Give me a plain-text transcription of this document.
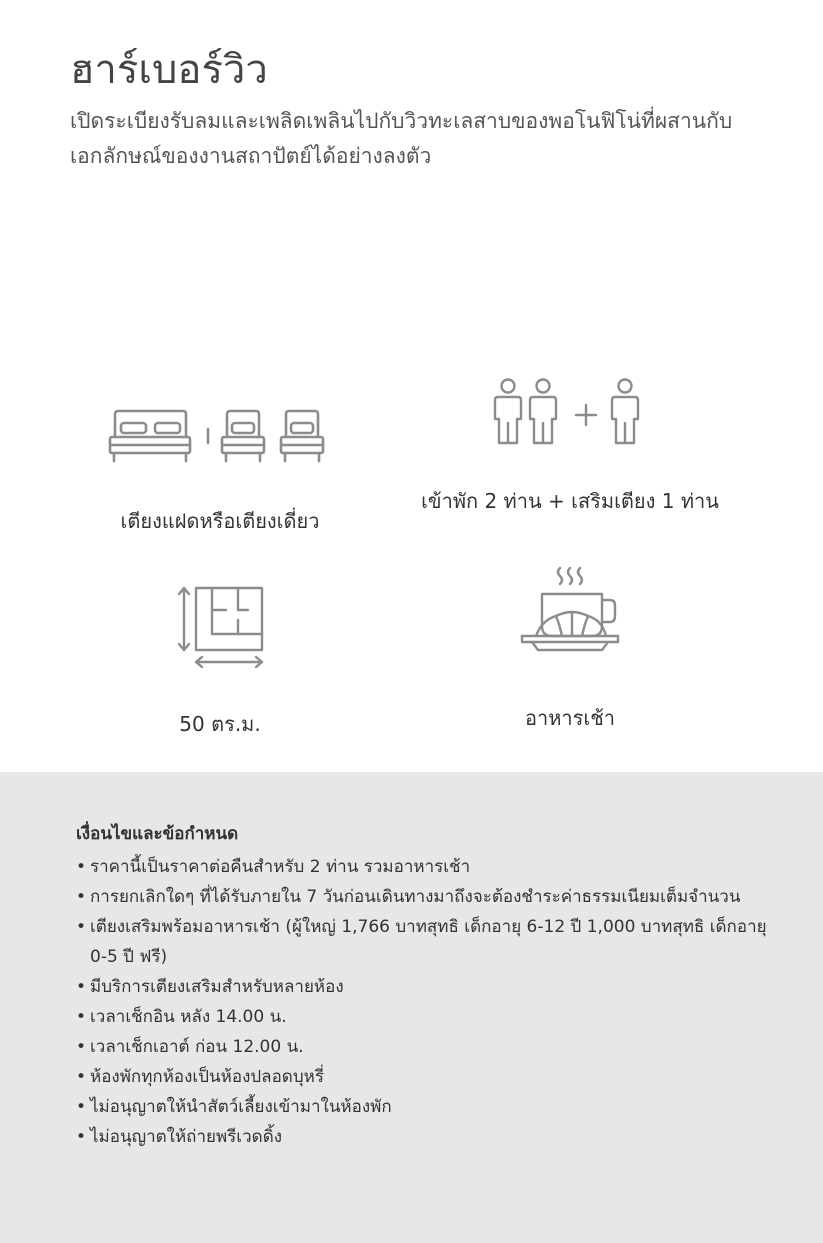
ฮาร์เบอร์วิว

เปิดระเบียงรับลมและเพลิดเพลินไปกับวิวทะเลสาบของพอโนฟิโน่ที่ผสานกับเอกลักษณ์ของงานสถาปัตย์ได้อย่างลงตัว

เตียงแฝดหรือเตียงเดี่ยว
เข้าพัก 2 ท่าน + เสริมเตียง 1 ท่าน
50 ตร.ม.	อาหารเช้า
เงื่อนไขและข้อกำหนด
• ราคานี้เป็นราคาต่อคืนสำหรับ 2 ท่าน รวมอาหารเช้า
• การยกเลิกใดๆ ที่ได้รับภายใน 7 วันก่อนเดินทางมาถึงจะต้องชำระค่าธรรมเนียมเต็มจำนวน
• เตียงเสริมพร้อมอาหารเช้า (ผู้ใหญ่ 1,766 บาทสุทธิ เด็กอายุ 6-12 ปี 1,000 บาทสุทธิ เด็กอายุ 0-5 ปี ฟรี)
• มีบริการเตียงเสริมสำหรับหลายห้อง
• เวลาเช็กอิน หลัง 14.00 น.
• เวลาเช็กเอาต์ ก่อน 12.00 น.
• ห้องพักทุกห้องเป็นห้องปลอดบุหรี่
• ไม่อนุญาตให้นำสัตว์เลี้ยงเข้ามาในห้องพัก
• ไม่อนุญาตให้ถ่ายพรีเวดดิ้ง
